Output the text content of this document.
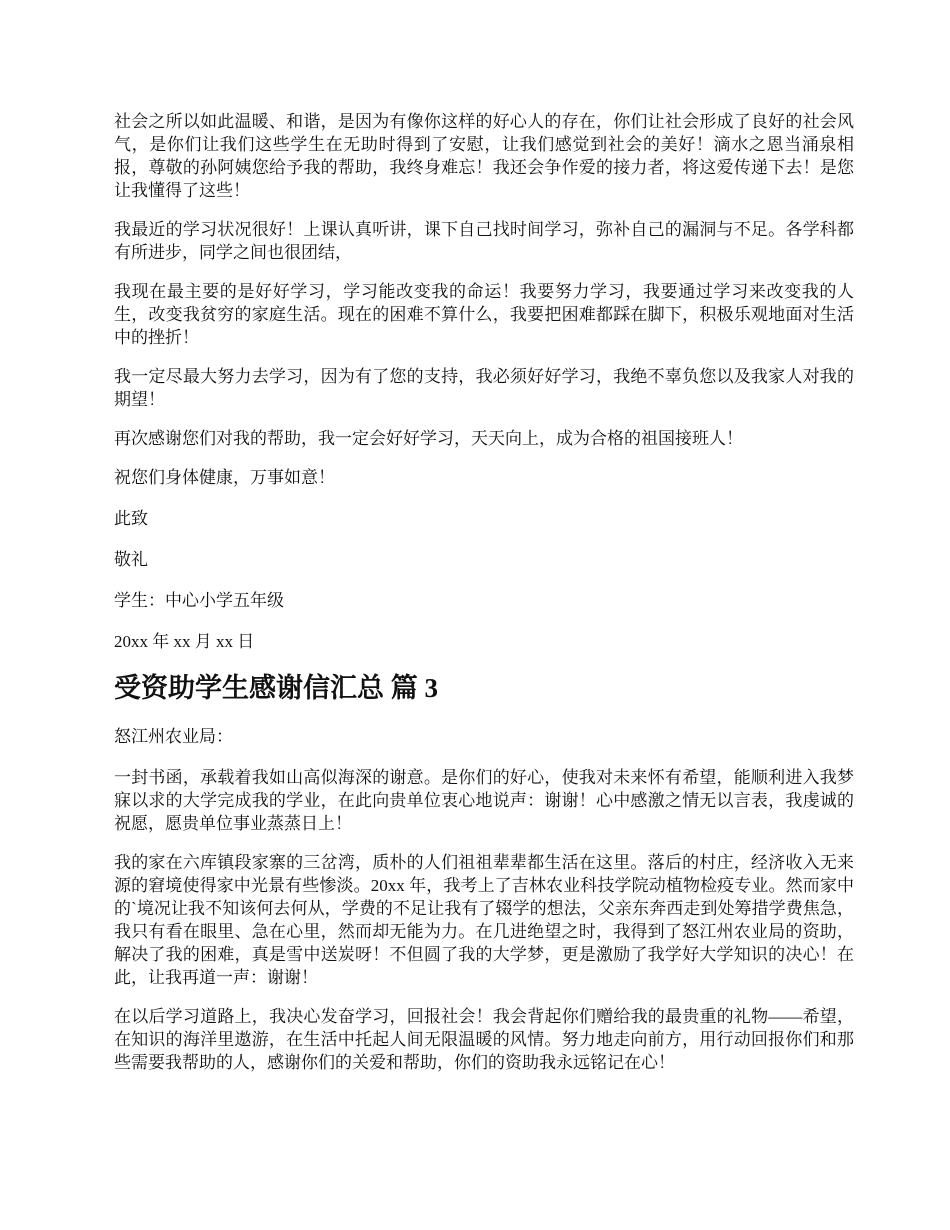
社会之所以如此温暖、和谐，是因为有像你这样的好心人的存在，你们让社会形成了良好的社会风气，是你们让我们这些学生在无助时得到了安慰，让我们感觉到社会的美好！滴水之恩当涌泉相报，尊敬的孙阿姨您给予我的帮助，我终身难忘！我还会争作爱的接力者，将这爱传递下去！是您让我懂得了这些！

我最近的学习状况很好！上课认真听讲，课下自己找时间学习，弥补自己的漏洞与不足。各学科都有所进步，同学之间也很团结，

我现在最主要的是好好学习，学习能改变我的命运！我要努力学习，我要通过学习来改变我的人生，改变我贫穷的家庭生活。现在的困难不算什么，我要把困难都踩在脚下，积极乐观地面对生活中的挫折！

我一定尽最大努力去学习，因为有了您的支持，我必须好好学习，我绝不辜负您以及我家人对我的期望！

再次感谢您们对我的帮助，我一定会好好学习，天天向上，成为合格的祖国接班人！

祝您们身体健康，万事如意！

此致

敬礼

学生：中心小学五年级

20xx 年 xx 月 xx 日

受资助学生感谢信汇总 篇 3

怒江州农业局：

一封书函，承载着我如山高似海深的谢意。是你们的好心，使我对未来怀有希望，能顺利进入我梦寐以求的大学完成我的学业，在此向贵单位衷心地说声：谢谢！心中感激之情无以言表，我虔诚的祝愿，愿贵单位事业蒸蒸日上！

我的家在六库镇段家寨的三岔湾，质朴的人们祖祖辈辈都生活在这里。落后的村庄，经济收入无来源的窘境使得家中光景有些惨淡。20xx 年，我考上了吉林农业科技学院动植物检疫专业。然而家中的`境况让我不知该何去何从，学费的不足让我有了辍学的想法，父亲东奔西走到处筹措学费焦急，我只有看在眼里、急在心里，然而却无能为力。在几进绝望之时，我得到了怒江州农业局的资助，解决了我的困难，真是雪中送炭呀！不但圆了我的大学梦，更是激励了我学好大学知识的决心！在此，让我再道一声：谢谢！

在以后学习道路上，我决心发奋学习，回报社会！我会背起你们赠给我的最贵重的礼物——希望，在知识的海洋里遨游，在生活中托起人间无限温暖的风情。努力地走向前方，用行动回报你们和那些需要我帮助的人，感谢你们的关爱和帮助，你们的资助我永远铭记在心！
